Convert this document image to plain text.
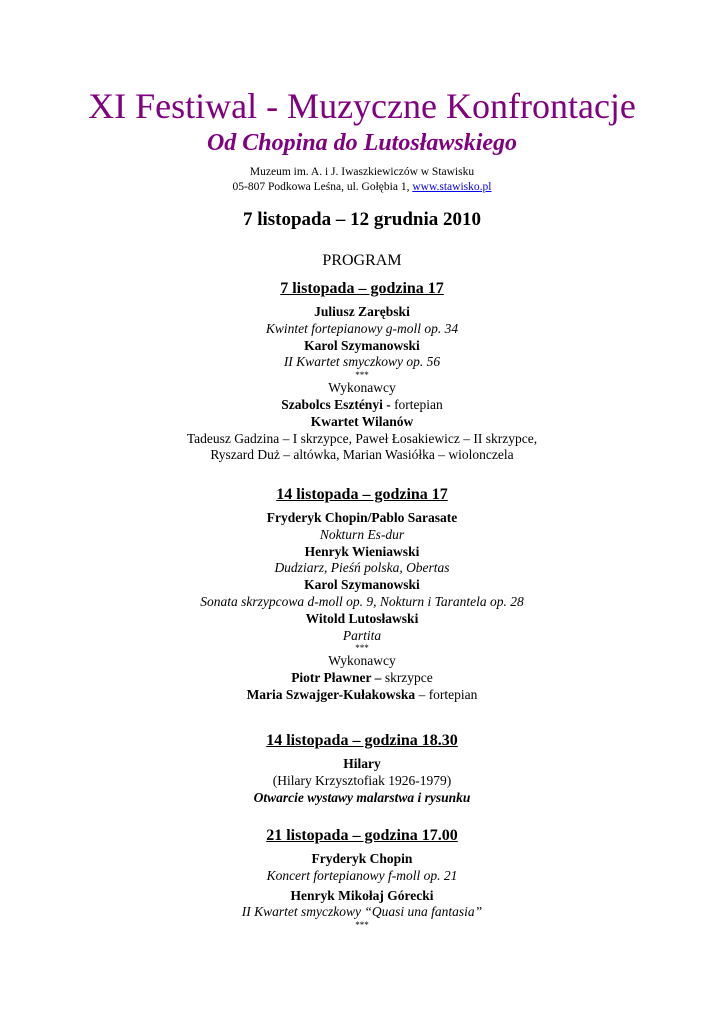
XI Festiwal - Muzyczne Konfrontacje
Od Chopina do Lutosławskiego
Muzeum im. A. i J. Iwaszkiewiczów w Stawisku
05-807 Podkowa Leśna, ul. Gołębia 1, www.stawisko.pl
7 listopada – 12 grudnia 2010
PROGRAM
7 listopada – godzina 17
Juliusz Zarębski
Kwintet fortepianowy g-moll op. 34
Karol Szymanowski
II Kwartet smyczkowy op. 56
***
Wykonawcy
Szabolcs Esztényi - fortepian
Kwartet Wilanów
Tadeusz Gadzina – I skrzypce, Paweł Łosakiewicz – II skrzypce,
Ryszard Duż – altówka, Marian Wasiółka – wiolonczela
14 listopada – godzina 17
Fryderyk Chopin/Pablo Sarasate
Nokturn Es-dur
Henryk Wieniawski
Dudziarz, Pieśń polska, Obertas
Karol Szymanowski
Sonata skrzypcowa d-moll op. 9, Nokturn i Tarantela op. 28
Witold Lutosławski
Partita
***
Wykonawcy
Piotr Pławner – skrzypce
Maria Szwajger-Kułakowska – fortepian
14 listopada – godzina 18.30
Hilary
(Hilary Krzysztofiak 1926-1979)
Otwarcie wystawy malarstwa i rysunku
21 listopada – godzina 17.00
Fryderyk Chopin
Koncert fortepianowy f-moll op. 21
Henryk Mikołaj Górecki
II Kwartet smyczkowy “Quasi una fantasia”
***
